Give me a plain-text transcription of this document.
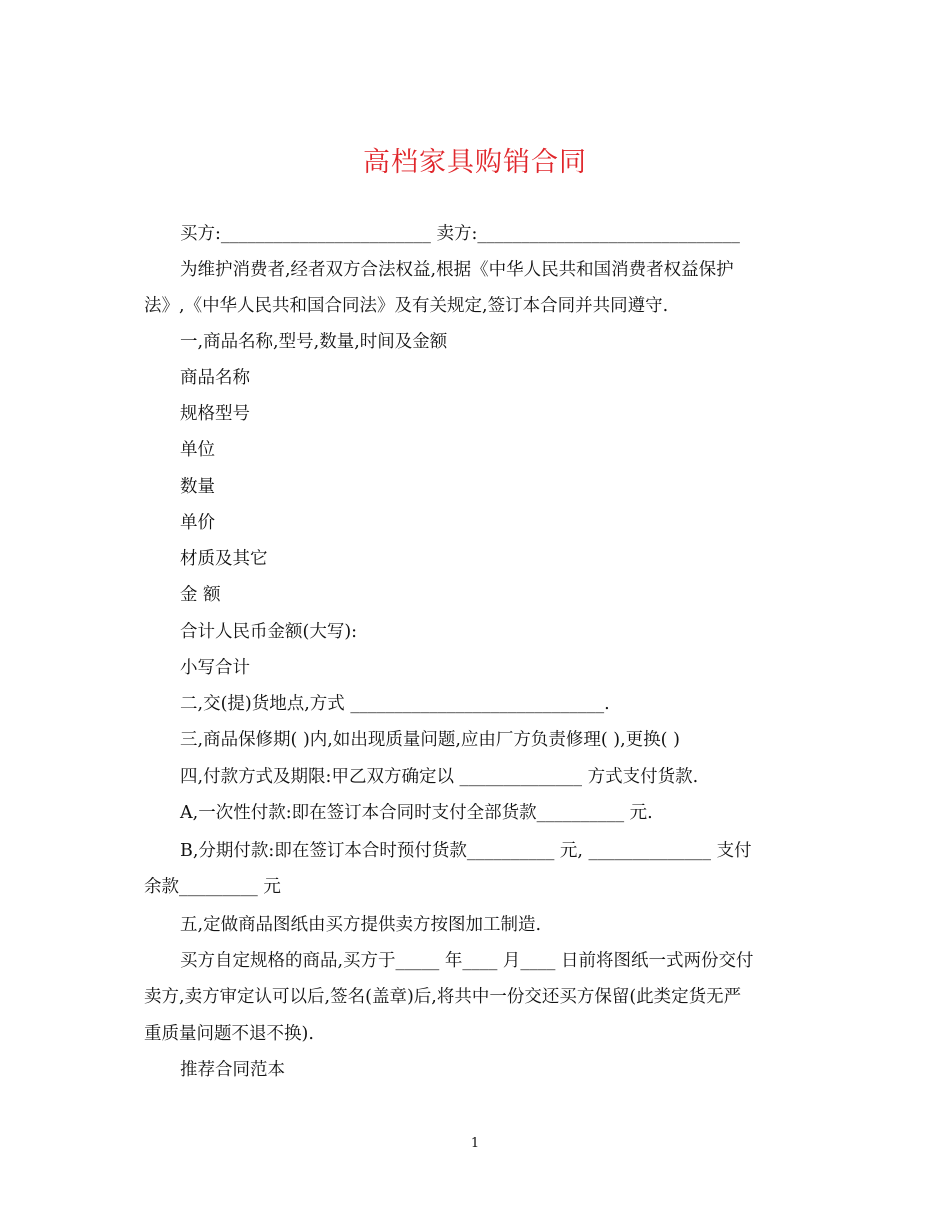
高档家具购销合同
买方:________________________ 卖方:______________________________
为维护消费者,经者双方合法权益,根据《中华人民共和国消费者权益保护
法》,《中华人民共和国合同法》及有关规定,签订本合同并共同遵守.
一,商品名称,型号,数量,时间及金额
商品名称
规格型号
单位
数量
单价
材质及其它
金 额
合计人民币金额(大写):
小写合计
二,交(提)货地点,方式 _____________________________.
三,商品保修期( )内,如出现质量问题,应由厂方负责修理( ),更换( )
四,付款方式及期限:甲乙双方确定以 ______________ 方式支付货款.
A,一次性付款:即在签订本合同时支付全部货款__________ 元.
B,分期付款:即在签订本合时预付货款__________ 元, ______________ 支付
余款_________ 元
五,定做商品图纸由买方提供卖方按图加工制造.
买方自定规格的商品,买方于_____ 年____ 月____ 日前将图纸一式两份交付
卖方,卖方审定认可以后,签名(盖章)后,将共中一份交还买方保留(此类定货无严
重质量问题不退不换).
推荐合同范本
1
